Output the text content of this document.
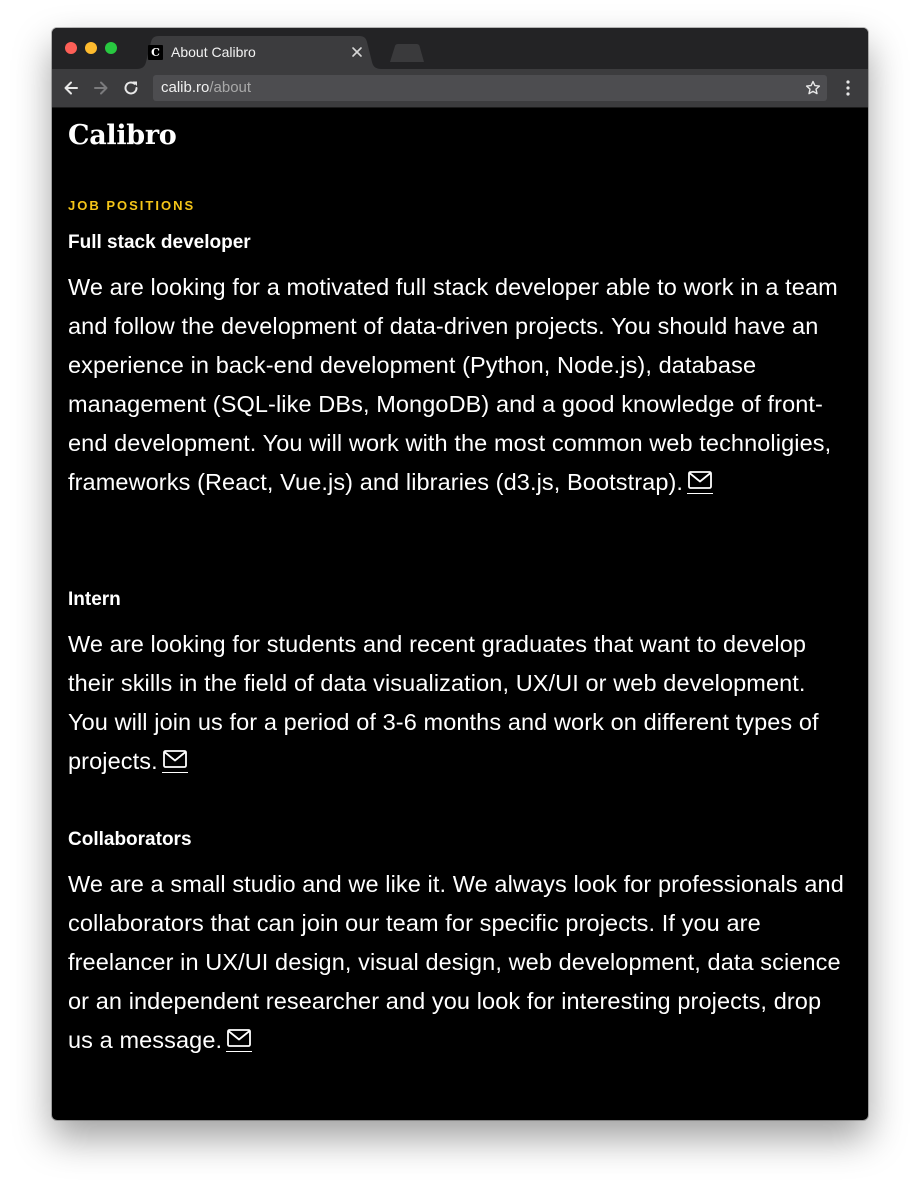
C About Calibro
calib.ro/about
Calibro
JOB POSITIONS
Full stack developer

We are looking for a motivated full stack developer able to work in a team and follow the development of data-driven projects. You should have an experience in back-end development (Python, Node.js), database management (SQL-like DBs, MongoDB) and a good knowledge of front-end development. You will work with the most common web technoligies, frameworks (React, Vue.js) and libraries (d3.js, Bootstrap).

Intern

We are looking for students and recent graduates that want to develop their skills in the field of data visualization, UX/UI or web development. You will join us for a period of 3-6 months and work on different types of projects.

Collaborators

We are a small studio and we like it. We always look for professionals and collaborators that can join our team for specific projects. If you are freelancer in UX/UI design, visual design, web development, data science or an independent researcher and you look for interesting projects, drop us a message.
